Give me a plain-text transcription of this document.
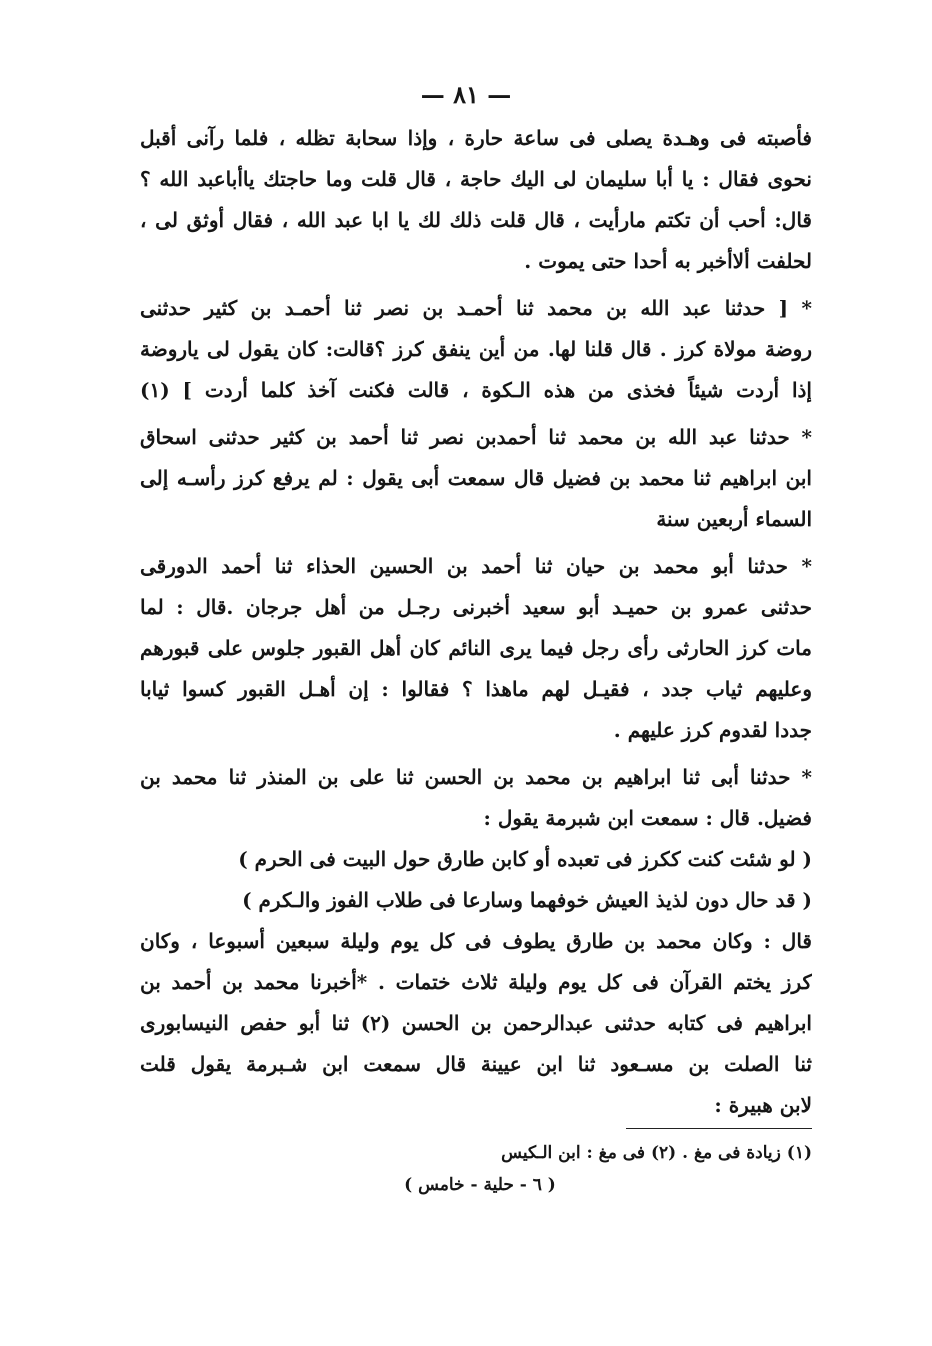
— ٨١ —
فأصبته فى وهـدة يصلى فى ساعة حارة ، وإذا سحابة تظله ، فلما رآنى أقبل
نحوى فقال : يا أبا سليمان لى اليك حاجة ، قال قلت وما حاجتك ياأباعبد الله ؟
قال: أحب أن تكتم مارأيت ، قال قلت ذلك لك يا ابا عبد الله ، فقال أوثق لى ،
لحلفت ألاأخبر به أحدا حتى يموت .
* [ حدثنا عبد الله بن محمد ثنا أحمـد بن نصر ثنا أحمـد بن كثير حدثنى
روضة مولاة كرز . قال قلنا لها. من أين ينفق كرز ؟قالت: كان يقول لى ياروضة
إذا أردت شيئاً فخذى من هذه الـكوة ، قالت فكنت آخذ كلما أردت ] (١)
* حدثنا عبد الله بن محمد ثنا أحمدبن نصر ثنا أحمد بن كثير حدثنى اسحاق
ابن ابراهيم ثنا محمد بن فضيل قال سمعت أبى يقول : لم يرفع كرز رأسـه إلى
السماء أربعين سنة
* حدثنا أبو محمد بن حيان ثنا أحمد بن الحسين الحذاء ثنا أحمد الدورقى
حدثنى عمرو بن حميـد أبو سعيد أخبرنى رجـل من أهل جرجان .قال : لما
مات كرز الحارثى رأى رجل فيما يرى النائم كان أهل القبور جلوس على قبورهم
وعليهم ثياب جدد ، فقيـل لهم ماهذا ؟ فقالوا : إن أهـل القبور كسوا ثيابا
جددا لقدوم كرز عليهم .
* حدثنا أبى ثنا ابراهيم بن محمد بن الحسن ثنا على بن المنذر ثنا محمد بن
فضيل. قال : سمعت ابن شبرمة يقول :
( لو شئت كنت ككرز فى تعبده أو كابن طارق حول البيت فى الحرم )
( قد حال دون لذيذ العيش خوفهما وسارعا فى طلاب الفوز والـكرم )
قال : وكان محمد بن طارق يطوف فى كل يوم وليلة سبعين أسبوعا ، وكان
كرز يختم القرآن فى كل يوم وليلة ثلاث ختمات . *أخبرنا محمد بن أحمد بن
ابراهيم فى كتابه حدثنى عبدالرحمن بن الحسن (٢) ثنا أبو حفص النيسابورى
ثنا الصلت بن مسـعود ثنا ابن عيينة قال سمعت ابن شـبرمة يقول قلت
لابن هبيرة :
(١) زيادة فى مغ . (٢) فى مغ : ابن الـكيس
( ٦ - حلية - خامس )
